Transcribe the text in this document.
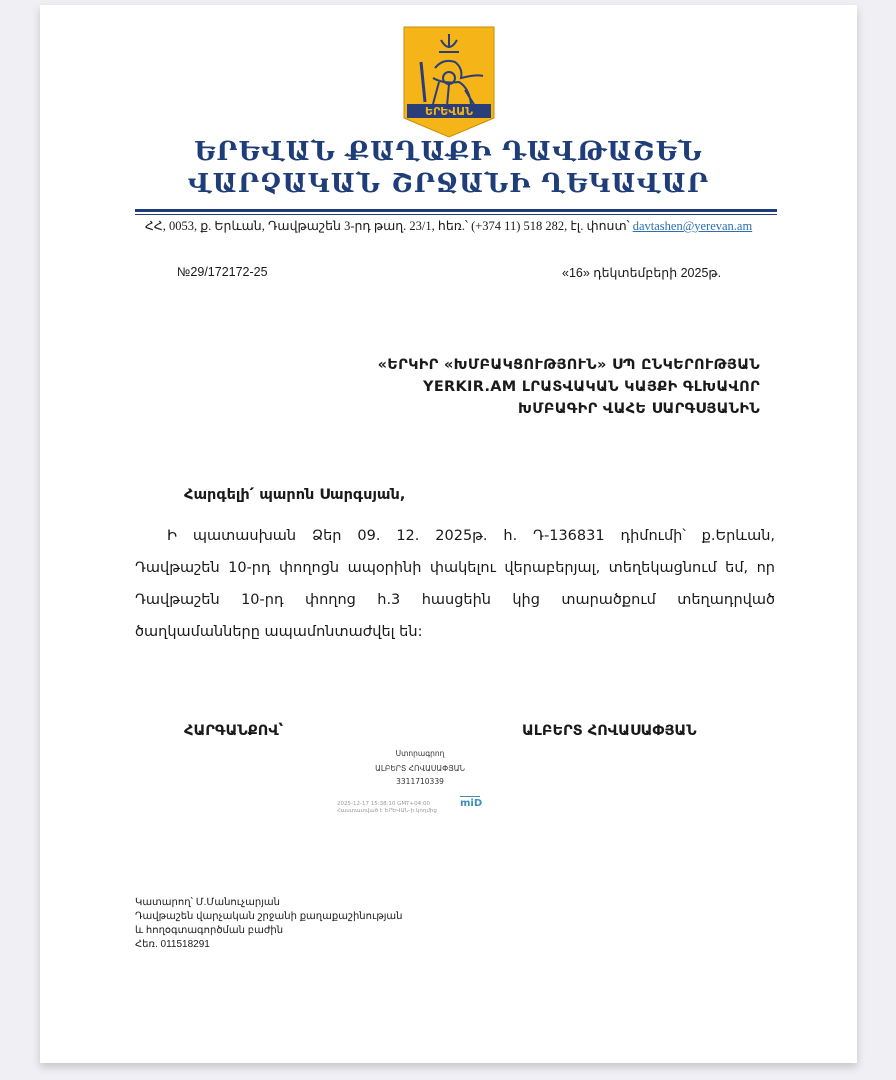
ԵՐԵՎԱՆ
ԵՐԵՎԱՆ ՔԱՂԱՔԻ ԴԱՎԹԱՇԵՆ
ՎԱՐՉԱԿԱՆ ՇՐՋԱՆԻ ՂԵԿԱՎԱՐ
ՀՀ, 0053, ք. Երևան, Դավթաշեն 3-րդ թաղ. 23/1, հեռ.՝ (+374 11) 518 282, էլ. փոստ՝ davtashen@yerevan.am
№29/172172-25	«16» դեկտեմբերի 2025թ.
«ԵՐԿԻՐ «ԽՄԲԱԿՑՈՒԹՅՈՒՆ» ՍՊ ԸՆԿԵՐՈՒԹՅԱՆ
YERKIR.AM ԼՐԱՏՎԱԿԱՆ ԿԱՅՔԻ ԳԼԽԱՎՈՐ
ԽՄԲԱԳԻՐ ՎԱՀԵ ՍԱՐԳՍՅԱՆԻՆ
Հարգելի՛ պարոն Սարգսյան,
Ի պատասխան Ձեր 09. 12. 2025թ. հ. Դ-136831 դիմումի՝ ք.Երևան,
Դավթաշեն 10-րդ փողոցն ապօրինի փակելու վերաբերյալ, տեղեկացնում եմ, որ
Դավթաշեն 10-րդ փողոց հ.3 հասցեին կից տարածքում տեղադրված
ծաղկամանները ապամոնտաժվել են:
ՀԱՐԳԱՆՔՈՎ՝	ԱԼԲԵՐՏ ՀՈՎԱՍԱՓՅԱՆ
Ստորագրող
ԱԼԲԵՐՏ ՀՈՎԱՍԱՓՅԱՆ
3311710339
2025-12-17 15:38:10 GMT+04:00
Հաստատված է ԵՐԵՎԱՆ-ի կողմից
miD
Կատարող՝ Մ.Մանուչարյան
Դավթաշեն վարչական շրջանի քաղաքաշինության
և հողօգտագործման բաժին
Հեռ. 011518291
